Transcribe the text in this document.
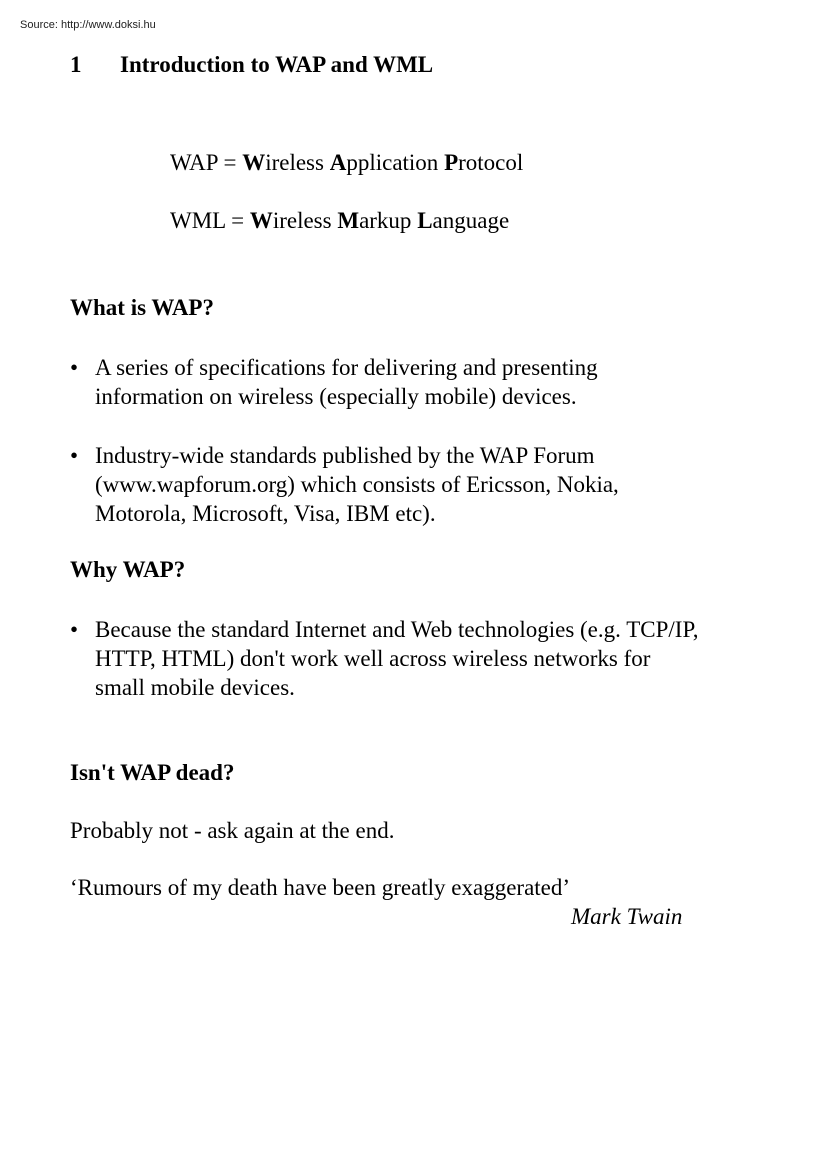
Source: http://www.doksi.hu
1 Introduction to WAP and WML
WAP = Wireless Application Protocol
WML = Wireless Markup Language
What is WAP?
• A series of specifications for delivering and presenting
information on wireless (especially mobile) devices.
• Industry-wide standards published by the WAP Forum
(www.wapforum.org) which consists of Ericsson, Nokia,
Motorola, Microsoft, Visa, IBM etc).
Why WAP?
• Because the standard Internet and Web technologies (e.g. TCP/IP,
HTTP, HTML) don't work well across wireless networks for
small mobile devices.
Isn't WAP dead?
Probably not - ask again at the end.
‘Rumours of my death have been greatly exaggerated’
Mark Twain
